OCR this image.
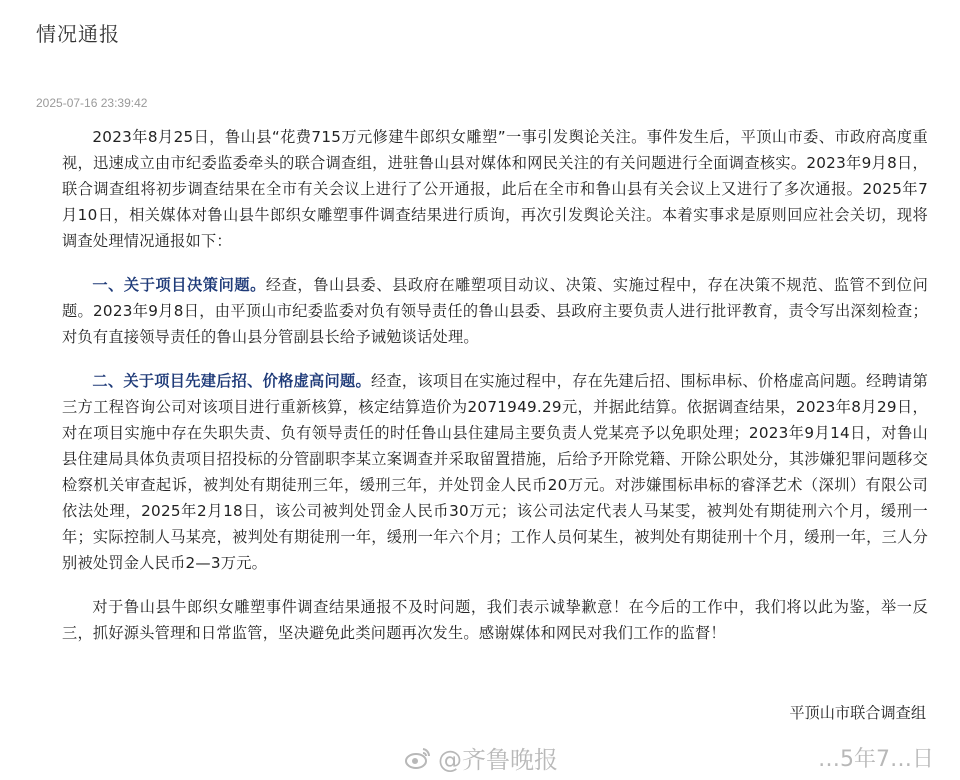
情况通报
2025-07-16 23:39:42

2023年8月25日，鲁山县“花费715万元修建牛郎织女雕塑”一事引发舆论关注。事件发生后，平顶山市委、市政府高度重视，迅速成立由市纪委监委牵头的联合调查组，进驻鲁山县对媒体和网民关注的有关问题进行全面调查核实。2023年9月8日，联合调查组将初步调查结果在全市有关会议上进行了公开通报，此后在全市和鲁山县有关会议上又进行了多次通报。2025年7月10日，相关媒体对鲁山县牛郎织女雕塑事件调查结果进行质询，再次引发舆论关注。本着实事求是原则回应社会关切，现将调查处理情况通报如下：

一、关于项目决策问题。经查，鲁山县委、县政府在雕塑项目动议、决策、实施过程中，存在决策不规范、监管不到位问题。2023年9月8日，由平顶山市纪委监委对负有领导责任的鲁山县委、县政府主要负责人进行批评教育，责令写出深刻检查；对负有直接领导责任的鲁山县分管副县长给予诫勉谈话处理。

二、关于项目先建后招、价格虚高问题。经查，该项目在实施过程中，存在先建后招、围标串标、价格虚高问题。经聘请第三方工程咨询公司对该项目进行重新核算，核定结算造价为2071949.29元，并据此结算。依据调查结果，2023年8月29日，对在项目实施中存在失职失责、负有领导责任的时任鲁山县住建局主要负责人党某亮予以免职处理；2023年9月14日，对鲁山县住建局具体负责项目招投标的分管副职李某立案调查并采取留置措施，后给予开除党籍、开除公职处分，其涉嫌犯罪问题移交检察机关审查起诉，被判处有期徒刑三年，缓刑三年，并处罚金人民币20万元。对涉嫌围标串标的睿泽艺术（深圳）有限公司依法处理，2025年2月18日，该公司被判处罚金人民币30万元；该公司法定代表人马某雯，被判处有期徒刑六个月，缓刑一年；实际控制人马某亮，被判处有期徒刑一年，缓刑一年六个月；工作人员何某生，被判处有期徒刑十个月，缓刑一年，三人分别被处罚金人民币2—3万元。

对于鲁山县牛郎织女雕塑事件调查结果通报不及时问题，我们表示诚挚歉意！在今后的工作中，我们将以此为鉴，举一反三，抓好源头管理和日常监管，坚决避免此类问题再次发生。感谢媒体和网民对我们工作的监督！

平顶山市联合调查组
@齐鲁晚报	…5年7…日
